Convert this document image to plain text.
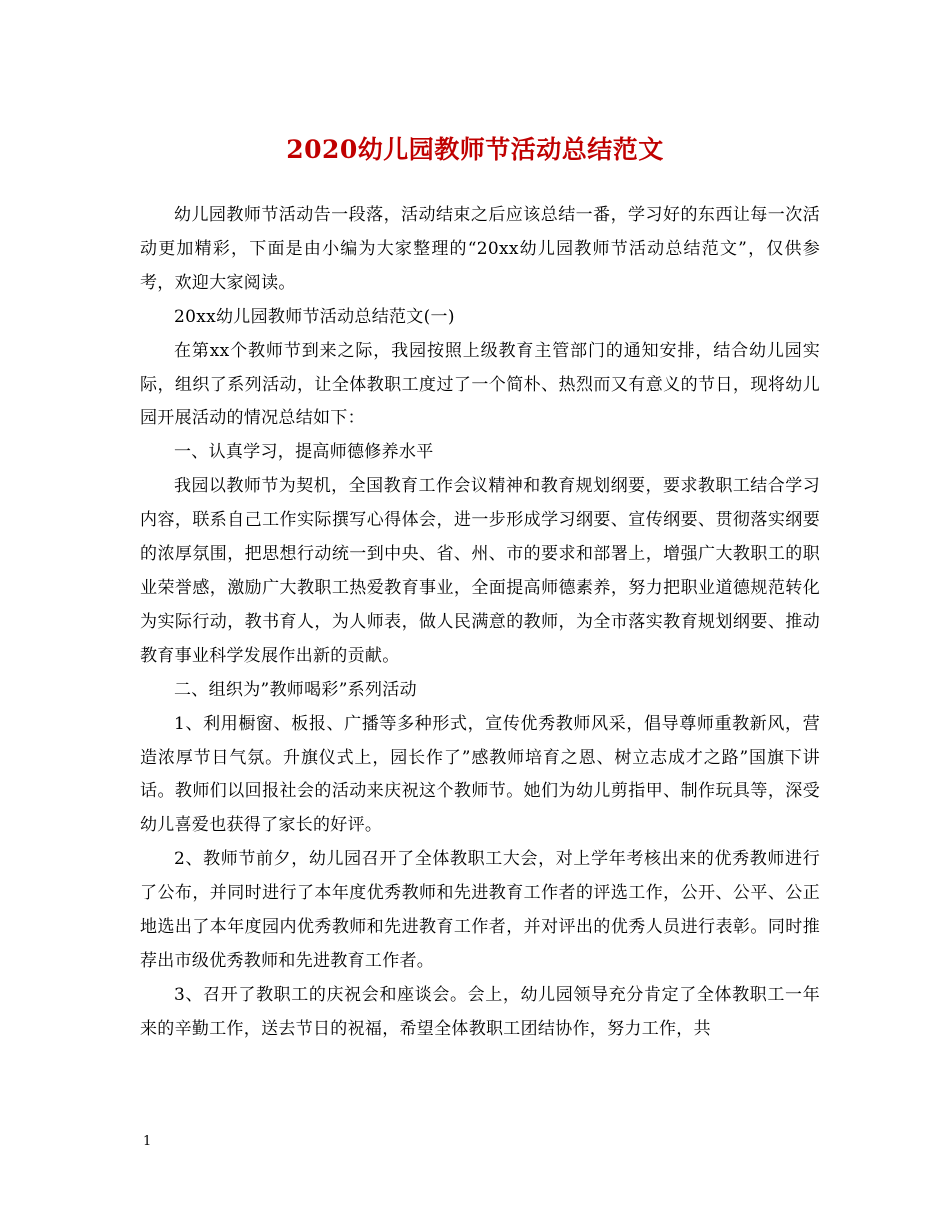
2020幼儿园教师节活动总结范文

幼儿园教师节活动告一段落，活动结束之后应该总结一番，学习好的东西让每一次活动更加精彩，下面是由小编为大家整理的“20xx幼儿园教师节活动总结范文”，仅供参考，欢迎大家阅读。

20xx幼儿园教师节活动总结范文(一)

在第xx个教师节到来之际，我园按照上级教育主管部门的通知安排，结合幼儿园实际，组织了系列活动，让全体教职工度过了一个简朴、热烈而又有意义的节日，现将幼儿园开展活动的情况总结如下：

一、认真学习，提高师德修养水平

我园以教师节为契机，全国教育工作会议精神和教育规划纲要，要求教职工结合学习内容，联系自己工作实际撰写心得体会，进一步形成学习纲要、宣传纲要、贯彻落实纲要的浓厚氛围，把思想行动统一到中央、省、州、市的要求和部署上，增强广大教职工的职业荣誉感，激励广大教职工热爱教育事业，全面提高师德素养，努力把职业道德规范转化为实际行动，教书育人，为人师表，做人民满意的教师，为全市落实教育规划纲要、推动教育事业科学发展作出新的贡献。

二、组织为”教师喝彩”系列活动

1、利用橱窗、板报、广播等多种形式，宣传优秀教师风采，倡导尊师重教新风，营造浓厚节日气氛。升旗仪式上，园长作了”感教师培育之恩、树立志成才之路”国旗下讲话。教师们以回报社会的活动来庆祝这个教师节。她们为幼儿剪指甲、制作玩具等，深受幼儿喜爱也获得了家长的好评。

2、教师节前夕，幼儿园召开了全体教职工大会，对上学年考核出来的优秀教师进行了公布，并同时进行了本年度优秀教师和先进教育工作者的评选工作，公开、公平、公正地选出了本年度园内优秀教师和先进教育工作者，并对评出的优秀人员进行表彰。同时推荐出市级优秀教师和先进教育工作者。

3、召开了教职工的庆祝会和座谈会。会上，幼儿园领导充分肯定了全体教职工一年来的辛勤工作，送去节日的祝福，希望全体教职工团结协作，努力工作，共

1
